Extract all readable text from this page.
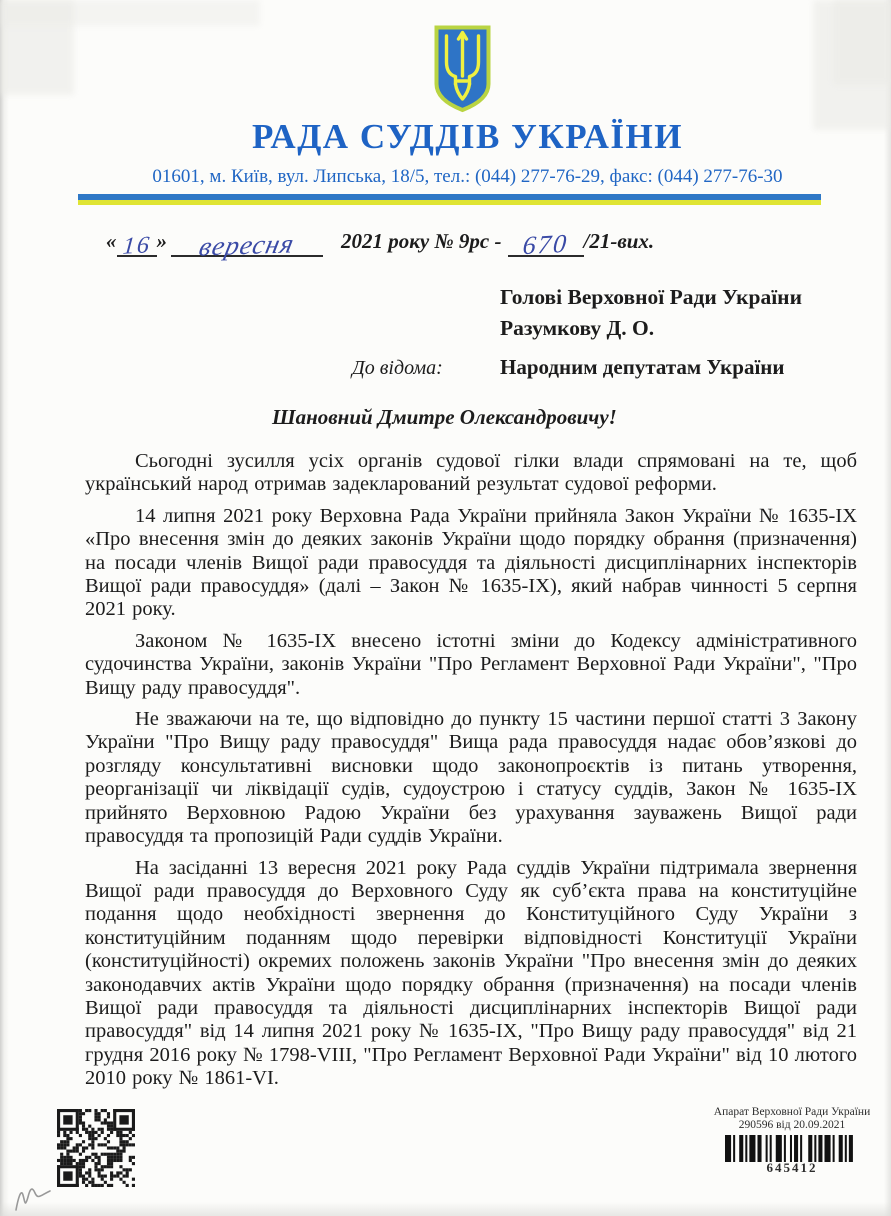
РАДА СУДДІВ УКРАЇНИ
01601, м. Київ, вул. Липська, 18/5, тел.: (044) 277-76-29, факс: (044) 277-76-30
« 16 »	вересня	2021 року № 9рс - 670 /21-вих.
Голові Верховної Ради України
Разумкову Д. О.
До відома:	Народним депутатам України
Шановний Дмитре Олександровичу!

Сьогодні зусилля усіх органів судової гілки влади спрямовані на те, щоб український народ отримав задекларований результат судової реформи.

14 липня 2021 року Верховна Рада України прийняла Закон України № 1635-IX «Про внесення змін до деяких законів України щодо порядку обрання (призначення) на посади членів Вищої ради правосуддя та діяльності дисциплінарних інспекторів Вищої ради правосуддя» (далі – Закон № 1635-IX), який набрав чинності 5 серпня 2021 року.

Законом № 1635-IX внесено істотні зміни до Кодексу адміністративного судочинства України, законів України "Про Регламент Верховної Ради України", "Про Вищу раду правосуддя".

Не зважаючи на те, що відповідно до пункту 15 частини першої статті 3 Закону України "Про Вищу раду правосуддя" Вища рада правосуддя надає обов’язкові до розгляду консультативні висновки щодо законопроєктів із питань утворення, реорганізації чи ліквідації судів, судоустрою і статусу суддів, Закон № 1635-IX прийнято Верховною Радою України без урахування зауважень Вищої ради правосуддя та пропозицій Ради суддів України.

На засіданні 13 вересня 2021 року Рада суддів України підтримала звернення Вищої ради правосуддя до Верховного Суду як суб’єкта права на конституційне подання щодо необхідності звернення до Конституційного Суду України з конституційним поданням щодо перевірки відповідності Конституції України (конституційності) окремих положень законів України "Про внесення змін до деяких законодавчих актів України щодо порядку обрання (призначення) на посади членів Вищої ради правосуддя та діяльності дисциплінарних інспекторів Вищої ради правосуддя" від 14 липня 2021 року № 1635-IX, "Про Вищу раду правосуддя" від 21 грудня 2016 року № 1798-VIII, "Про Регламент Верховної Ради України" від 10 лютого 2010 року № 1861-VI.

Апарат Верховної Ради України
290596 від 20.09.2021
645412
